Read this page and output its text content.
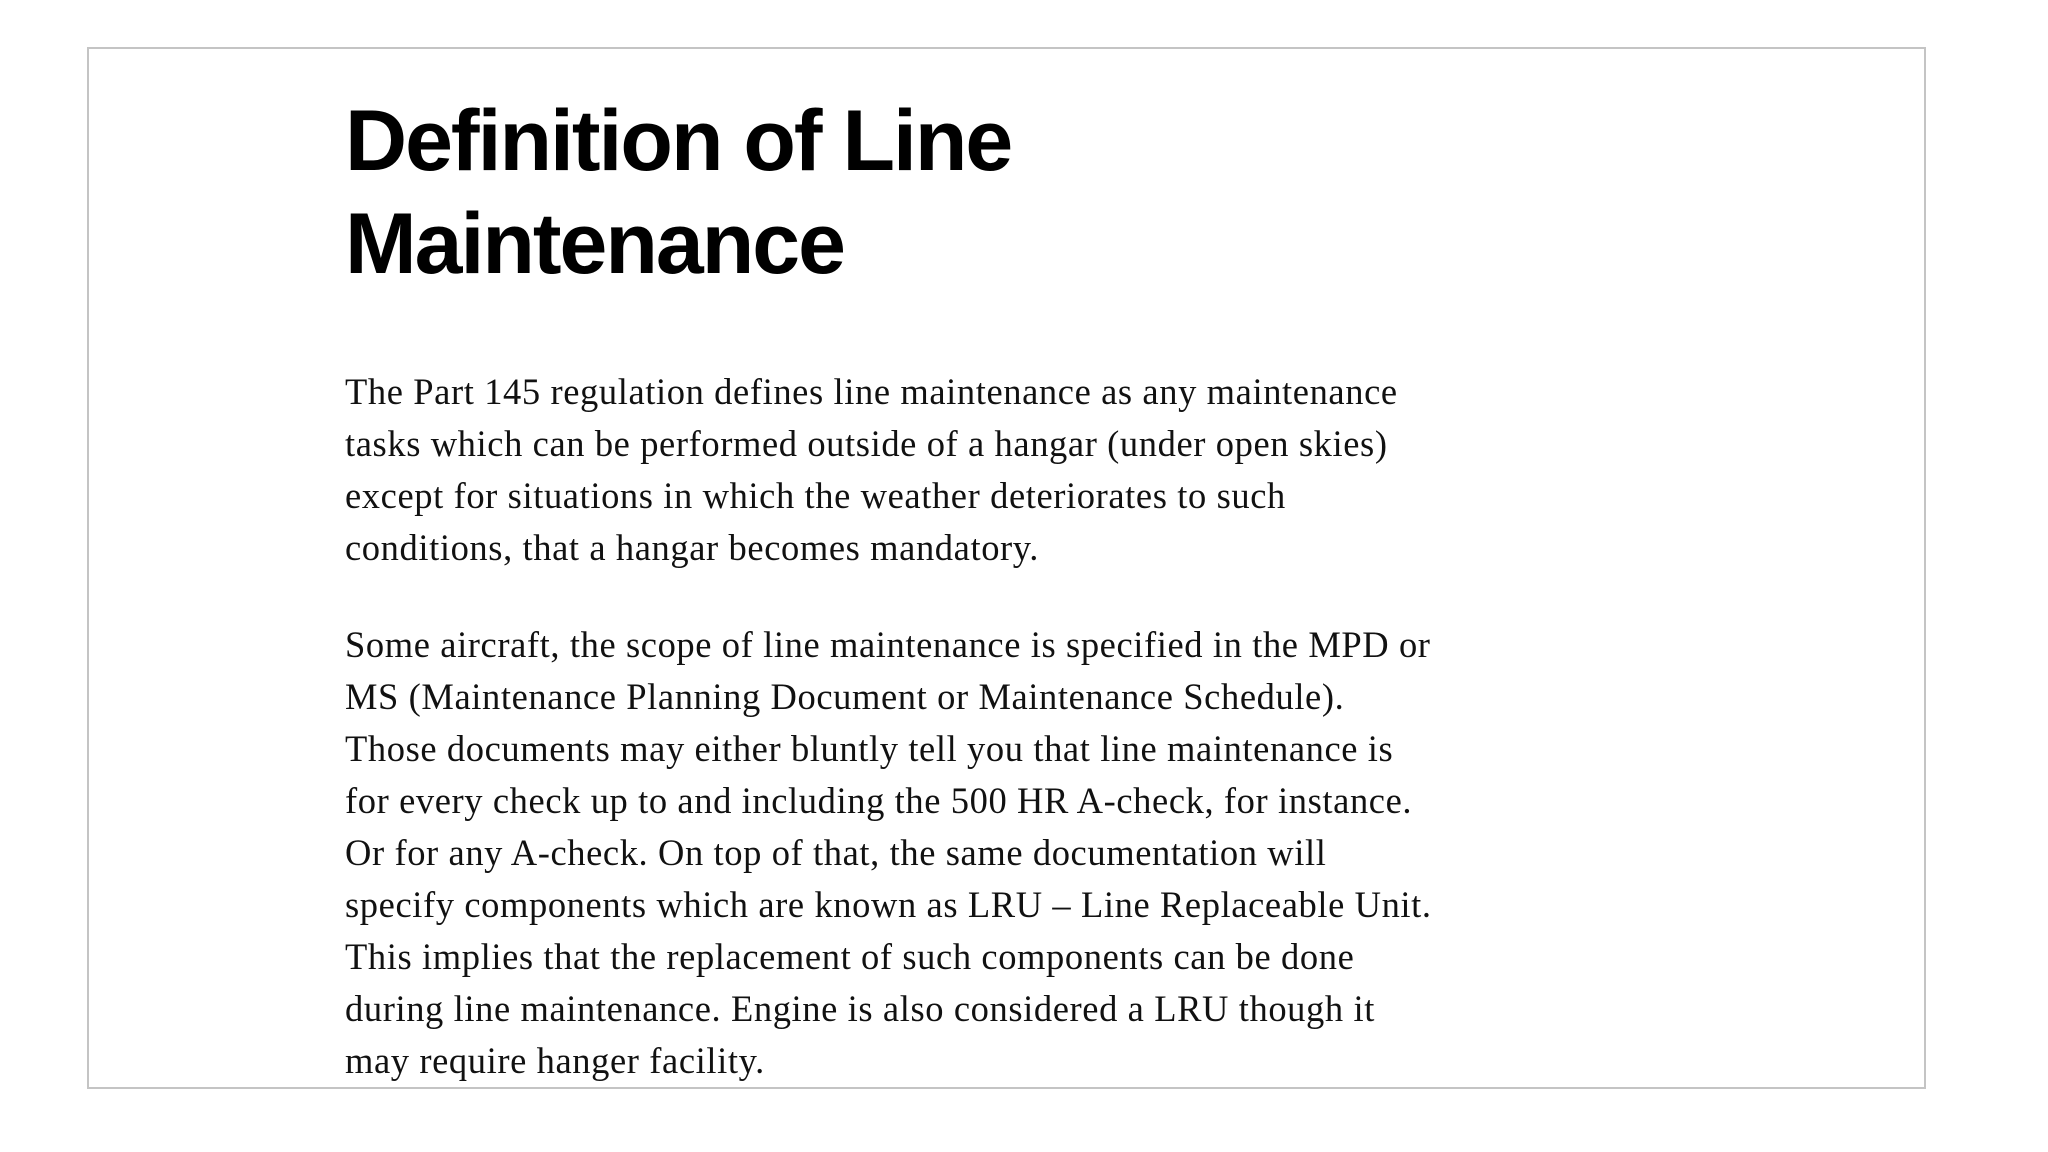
Definition of Line
Maintenance

The Part 145 regulation defines line maintenance as any maintenance
tasks which can be performed outside of a hangar (under open skies)
except for situations in which the weather deteriorates to such
conditions, that a hangar becomes mandatory.

Some aircraft, the scope of line maintenance is specified in the MPD or
MS (Maintenance Planning Document or Maintenance Schedule).
Those documents may either bluntly tell you that line maintenance is
for every check up to and including the 500 HR A-check, for instance.
Or for any A-check. On top of that, the same documentation will
specify components which are known as LRU – Line Replaceable Unit.
This implies that the replacement of such components can be done
during line maintenance. Engine is also considered a LRU though it
may require hanger facility.
